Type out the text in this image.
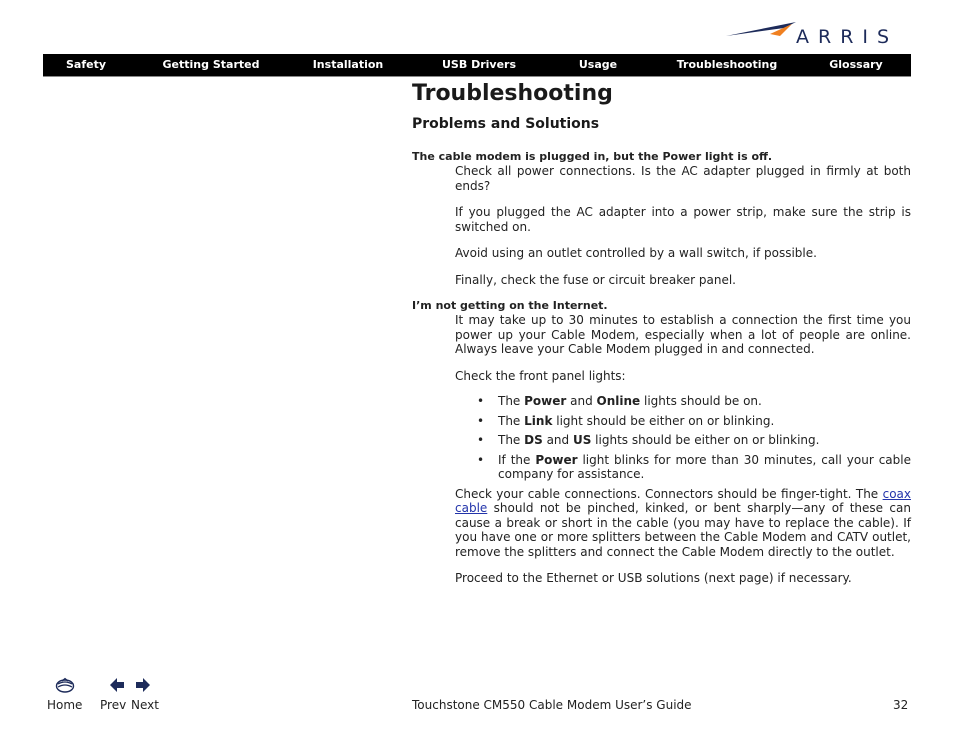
ARRIS
Safety	Getting Started	Installation	USB Drivers	Usage	Troubleshooting	Glossary
Troubleshooting
Problems and Solutions

The cable modem is plugged in, but the Power light is off.

Check all power connections. Is the AC adapter plugged in firmly at both ends?

If you plugged the AC adapter into a power strip, make sure the strip is switched on.

Avoid using an outlet controlled by a wall switch, if possible.

Finally, check the fuse or circuit breaker panel.

I’m not getting on the Internet.

It may take up to 30 minutes to establish a connection the first time you power up your Cable Modem, especially when a lot of people are online. Always leave your Cable Modem plugged in and connected.

Check the front panel lights:

• The Power and Online lights should be on.
• The Link light should be either on or blinking.
• The DS and US lights should be either on or blinking.
• If the Power light blinks for more than 30 minutes, call your cable company for assistance.

Check your cable connections. Connectors should be finger-tight. The coax cable should not be pinched, kinked, or bent sharply—any of these can cause a break or short in the cable (you may have to replace the cable). If you have one or more splitters between the Cable Modem and CATV outlet, remove the splitters and connect the Cable Modem directly to the outlet.

Proceed to the Ethernet or USB solutions (next page) if necessary.

Home Prev Next	Touchstone CM550 Cable Modem User’s Guide	32
